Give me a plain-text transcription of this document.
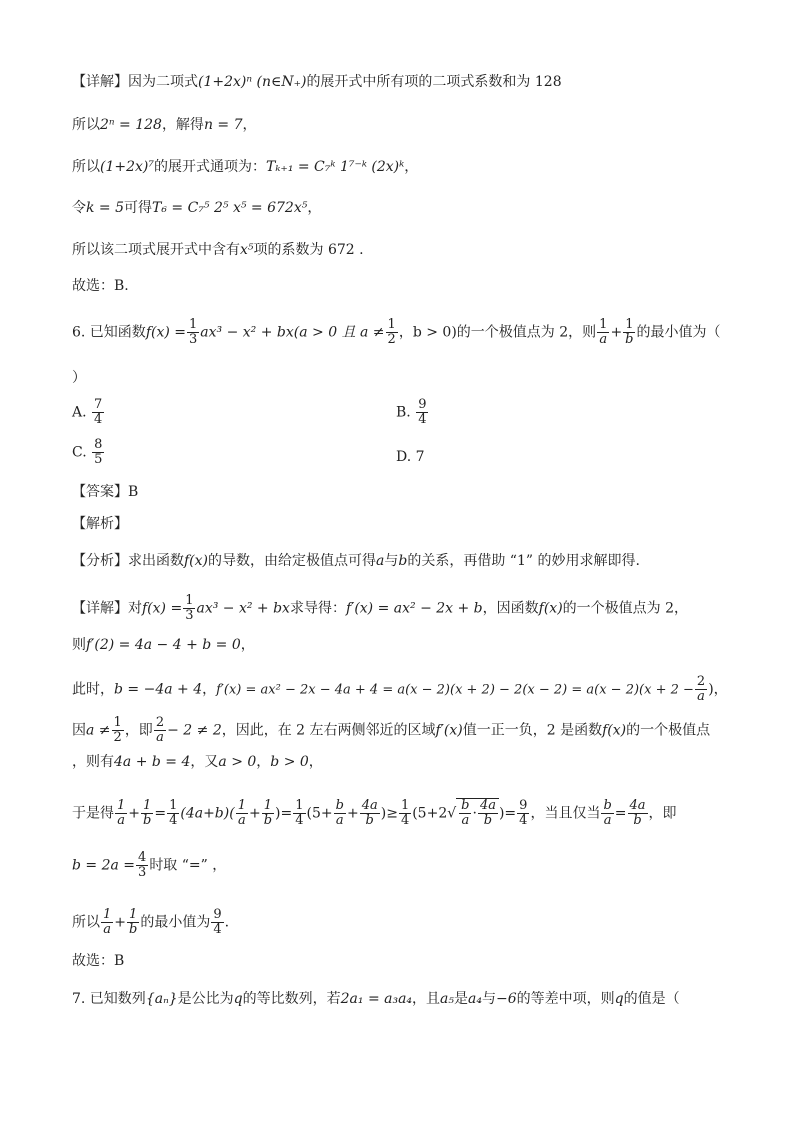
【详解】因为二项式(1+2x)ⁿ (n∈N₊)的展开式中所有项的二项式系数和为 128
所以2ⁿ = 128，解得n = 7，
所以(1+2x)⁷的展开式通项为：Tₖ₊₁ = C₇ᵏ 1⁷⁻ᵏ (2x)ᵏ，
令k = 5可得T₆ = C₇⁵ 2⁵ x⁵ = 672x⁵，
所以该二项式展开式中含有x⁵项的系数为 672 .
故选：B.
6. 已知函数$f(x) = \frac{1}{3} ax^3 - x^2 + bx(a > 0$ 且 $a \ne \frac{1}{2}$ ，b > 0)的一个极值点为 2，则 $\frac{1}{a} + \frac{1}{b}$ 的最小值为（
）
A. $\frac{7}{4}$	B. $\frac{9}{4}$
C. $\frac{8}{5}$	D. 7
【答案】B
【解析】
【分析】求出函数f(x)的导数，由给定极值点可得a与b的关系，再借助 “1” 的妙用求解即得.
【详解】对$f(x) = \frac{1}{3} ax^3 - x^2$ + bx求导得：f′(x) = ax² − 2x + b，因函数f(x)的一个极值点为 2，
则f′(2) = 4a − 4 + b = 0，
此时，b = −4a + 4，$f'(x) = ax^2 - 2x - 4a + 4 = a(x - 2)(x + 2) - 2(x - 2) = a(x - 2)(x + 2 - \frac{2}{a}$ )，
因$a \ne \frac{1}{2}$ ，即 $\frac{2}{a} - 2 \ne 2$，因此，在 2 左右两侧邻近的区域f′(x)值一正一负，2 是函数f(x)的一个极值点
，则有4a + b = 4，又a > 0，b > 0，
于是得 $\frac{1}{a} + \frac{1}{b} = \frac{1}{4} (4a+b)( \frac{1}{a} + \frac{1}{b}$ )= $\frac{1}{4} (5+ \frac{b}{a} + \frac{4a}{b}$ )≥ $\frac{1}{4} (5+2√ \frac{b}{a} \cdot \frac{4a}{b}$ )= $\frac{9}{4}$ ，当且仅当 $\frac{b}{a} = \frac{4a}{b}$ ，即
$b = 2a = \frac{4}{3}$ 时取 “=” ，
所以 $\frac{1}{a} + \frac{1}{b}$ 的最小值为 $\frac{9}{4}$ .
故选：B
7. 已知数列{aₙ}是公比为q的等比数列，若2a₁ = a₃a₄，且a₅是a₄与−6的等差中项，则q的值是（
